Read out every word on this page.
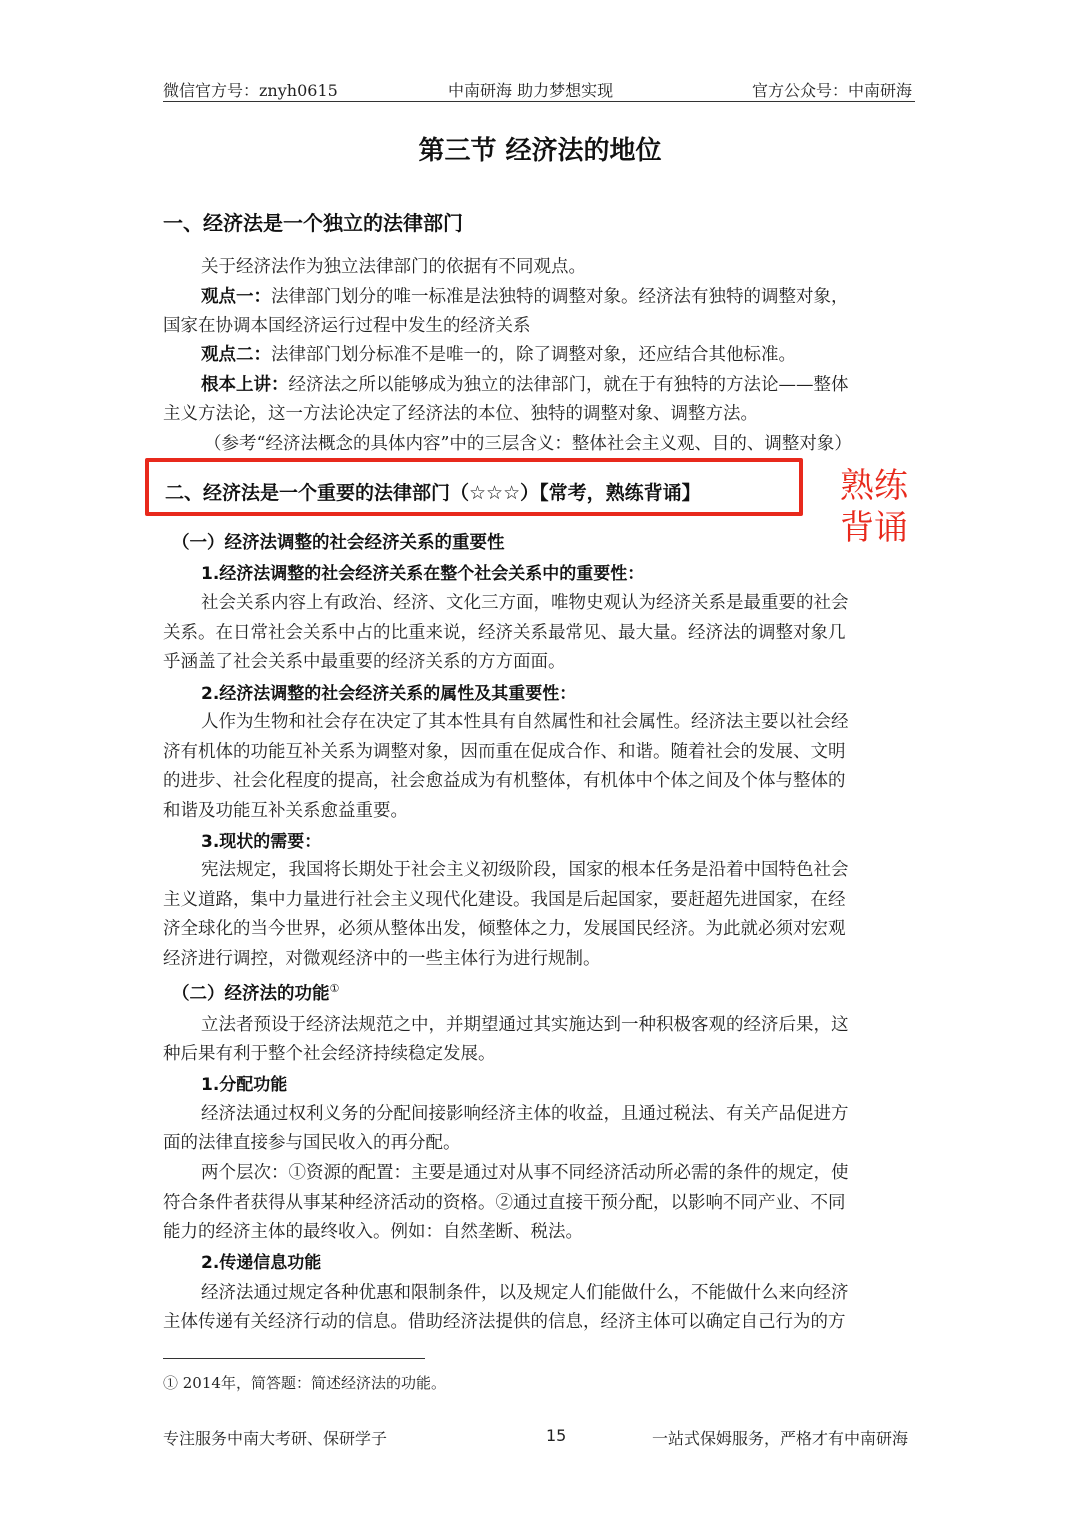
微信官方号：znyh0615	中南研海 助力梦想实现	官方公众号：中南研海
第三节 经济法的地位
一、经济法是一个独立的法律部门
关于经济法作为独立法律部门的依据有不同观点。
观点一：法律部门划分的唯一标准是法独特的调整对象。经济法有独特的调整对象，
国家在协调本国经济运行过程中发生的经济关系
观点二：法律部门划分标准不是唯一的，除了调整对象，还应结合其他标准。
根本上讲：经济法之所以能够成为独立的法律部门，就在于有独特的方法论——整体
主义方法论，这一方法论决定了经济法的本位、独特的调整对象、调整方法。
（参考“经济法概念的具体内容”中的三层含义：整体社会主义观、目的、调整对象）
二、经济法是一个重要的法律部门（☆☆☆）【常考，熟练背诵】	熟练
背诵
（一）经济法调整的社会经济关系的重要性
1.经济法调整的社会经济关系在整个社会关系中的重要性：
社会关系内容上有政治、经济、文化三方面，唯物史观认为经济关系是最重要的社会
关系。在日常社会关系中占的比重来说，经济关系最常见、最大量。经济法的调整对象几
乎涵盖了社会关系中最重要的经济关系的方方面面。
2.经济法调整的社会经济关系的属性及其重要性：
人作为生物和社会存在决定了其本性具有自然属性和社会属性。经济法主要以社会经
济有机体的功能互补关系为调整对象，因而重在促成合作、和谐。随着社会的发展、文明
的进步、社会化程度的提高，社会愈益成为有机整体，有机体中个体之间及个体与整体的
和谐及功能互补关系愈益重要。
3.现状的需要：
宪法规定，我国将长期处于社会主义初级阶段，国家的根本任务是沿着中国特色社会
主义道路，集中力量进行社会主义现代化建设。我国是后起国家，要赶超先进国家，在经
济全球化的当今世界，必须从整体出发，倾整体之力，发展国民经济。为此就必须对宏观
经济进行调控，对微观经济中的一些主体行为进行规制。
（二）经济法的功能①
立法者预设于经济法规范之中，并期望通过其实施达到一种积极客观的经济后果，这
种后果有利于整个社会经济持续稳定发展。
1.分配功能
经济法通过权利义务的分配间接影响经济主体的收益，且通过税法、有关产品促进方
面的法律直接参与国民收入的再分配。
两个层次：①资源的配置：主要是通过对从事不同经济活动所必需的条件的规定，使
符合条件者获得从事某种经济活动的资格。②通过直接干预分配，以影响不同产业、不同
能力的经济主体的最终收入。例如：自然垄断、税法。
2.传递信息功能
经济法通过规定各种优惠和限制条件，以及规定人们能做什么，不能做什么来向经济
主体传递有关经济行动的信息。借助经济法提供的信息，经济主体可以确定自己行为的方
① 2014年，简答题：简述经济法的功能。
专注服务中南大考研、保研学子	15	一站式保姆服务，严格才有中南研海
